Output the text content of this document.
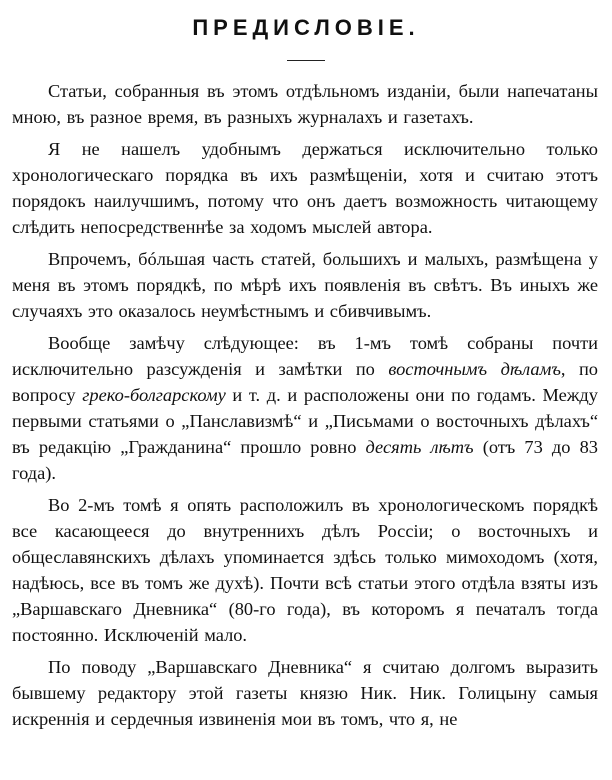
ПРЕДИСЛОВІЕ.

Статьи, собранныя въ этомъ отдѣльномъ изданіи, были напечатаны мною, въ разное время, въ разныхъ журналахъ и газетахъ.

Я не нашелъ удобнымъ держаться исключительно только хронологическаго порядка въ ихъ размѣщеніи, хотя и считаю этотъ порядокъ наилучшимъ, потому что онъ даетъ возможность читающему слѣдить непосредственнѣе за ходомъ мыслей автора.

Впрочемъ, бóльшая часть статей, большихъ и малыхъ, размѣщена у меня въ этомъ порядкѣ, по мѣрѣ ихъ появленія въ свѣтъ. Въ иныхъ же случаяхъ это оказалось неумѣстнымъ и сбивчивымъ.

Вообще замѣчу слѣдующее: въ 1-мъ томѣ собраны почти исключительно разсужденія и замѣтки по восточнымъ дѣламъ, по вопросу греко-болгарскому и т. д. и расположены они по годамъ. Между первыми статьями о „Панславизмѣ“ и „Письмами о восточныхъ дѣлахъ“ въ редакцію „Гражданина“ прошло ровно десять лѣтъ (отъ 73 до 83 года).

Во 2-мъ томѣ я опять расположилъ въ хронологическомъ порядкѣ все касающееся до внутреннихъ дѣлъ Россіи; о восточныхъ и общеславянскихъ дѣлахъ упоминается здѣсь только мимоходомъ (хотя, надѣюсь, все въ томъ же духѣ). Почти всѣ статьи этого отдѣла взяты изъ „Варшавскаго Дневника“ (80-го года), въ которомъ я печаталъ тогда постоянно. Исключеній мало.

По поводу „Варшавскаго Дневника“ я считаю долгомъ выразить бывшему редактору этой газеты князю Ник. Ник. Голицыну самыя искреннія и сердечныя извиненія мои въ томъ, что я, не
